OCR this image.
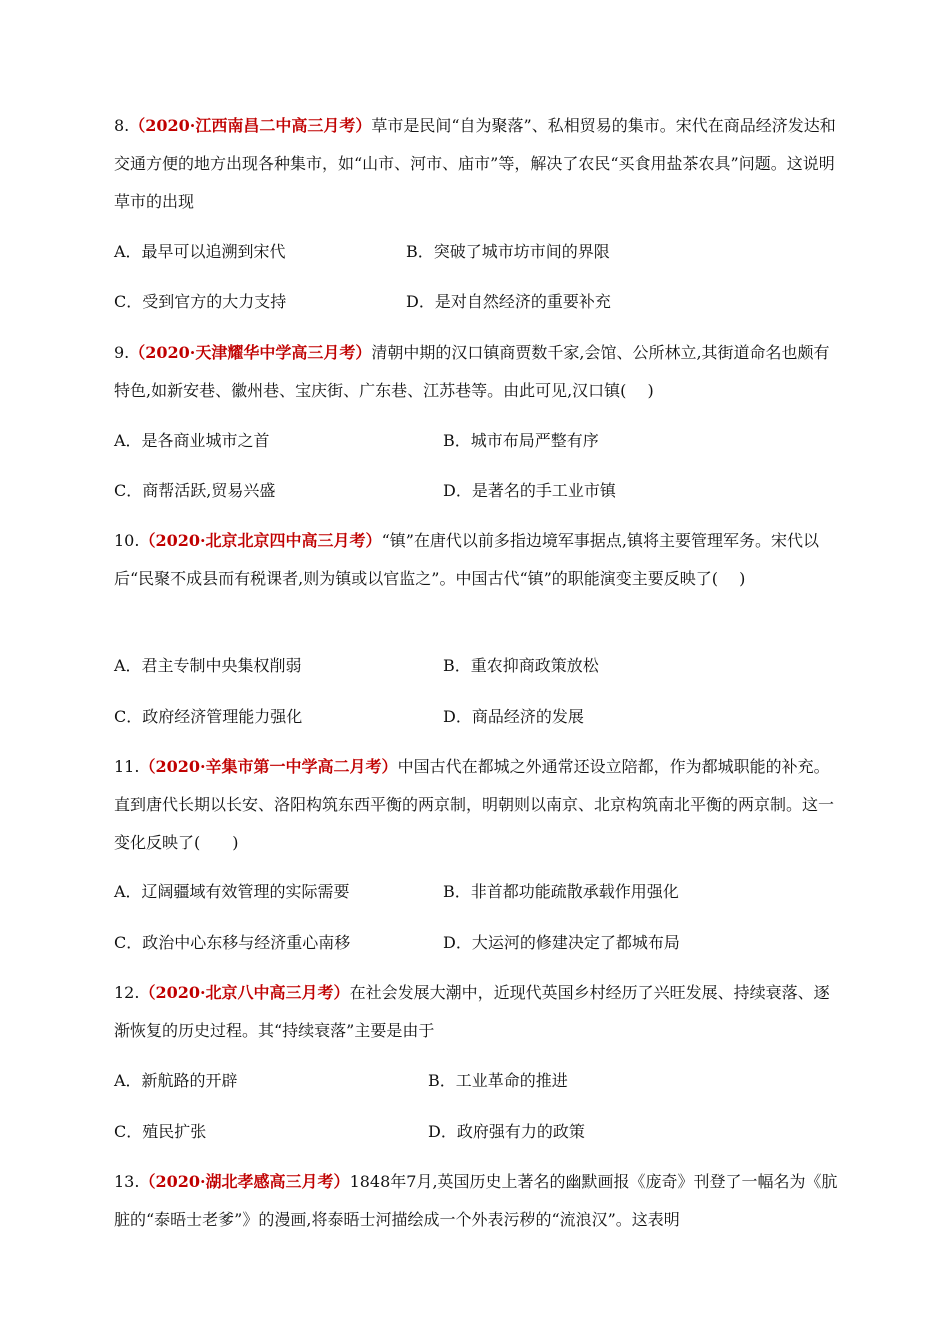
8.（2020·江西南昌二中高三月考）草市是民间“自为聚落”、私相贸易的集市。宋代在商品经济发达和交通方便的地方出现各种集市，如“山市、河市、庙市”等，解决了农民“买食用盐茶农具”问题。这说明草市的出现
A．最早可以追溯到宋代	B．突破了城市坊市间的界限
C．受到官方的大力支持	D．是对自然经济的重要补充
9.（2020·天津耀华中学高三月考）清朝中期的汉口镇商贾数千家,会馆、公所林立,其街道命名也颇有特色,如新安巷、徽州巷、宝庆街、广东巷、江苏巷等。由此可见,汉口镇(　 )
A．是各商业城市之首	B．城市布局严整有序
C．商帮活跃,贸易兴盛	D．是著名的手工业市镇
10.（2020·北京北京四中高三月考）“镇”在唐代以前多指边境军事据点,镇将主要管理军务。宋代以后“民聚不成县而有税课者,则为镇或以官监之”。中国古代“镇”的职能演变主要反映了(　 )
A．君主专制中央集权削弱	B．重农抑商政策放松
C．政府经济管理能力强化	D．商品经济的发展
11.（2020·辛集市第一中学高二月考）中国古代在都城之外通常还设立陪都，作为都城职能的补充。直到唐代长期以长安、洛阳构筑东西平衡的两京制，明朝则以南京、北京构筑南北平衡的两京制。这一变化反映了(　　)
A．辽阔疆域有效管理的实际需要	B．非首都功能疏散承载作用强化
C．政治中心东移与经济重心南移	D．大运河的修建决定了都城布局
12.（2020·北京八中高三月考）在社会发展大潮中，近现代英国乡村经历了兴旺发展、持续衰落、逐渐恢复的历史过程。其“持续衰落”主要是由于
A．新航路的开辟	B．工业革命的推进
C．殖民扩张	D．政府强有力的政策
13.（2020·湖北孝感高三月考）1848年7月,英国历史上著名的幽默画报《庞奇》刊登了一幅名为《肮脏的“泰晤士老爹”》的漫画,将泰晤士河描绘成一个外表污秽的“流浪汉”。这表明
